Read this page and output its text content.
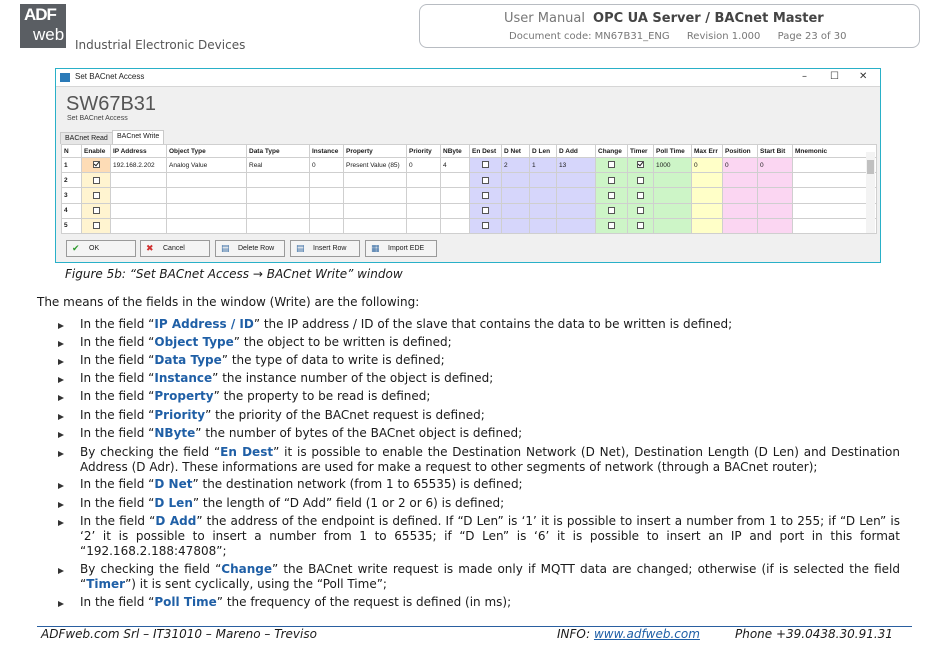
ADF
web
Industrial Electronic Devices
User Manual OPC UA Server / BACnet Master
Document code: MN67B31_ENG Revision 1.000 Page 23 of 30
Set BACnet Access	– ☐ ✕
SW67B31
Set BACnet Access
BACnet Read	BACnet Write
N	Enable	IP Address	Object Type	Data Type	Instance	Property	Priority	NByte	En Dest	D Net	D Len	D Add	Change	Timer	Poll Time	Max Err	Position	Start Bit	Mnemonic
1		192.168.2.202	Analog Value	Real	0	Present Value (85)	0	4		2	1	13			1000	0	0	0	
2																			
3																			
4																			
5																			
✔	OK	✖	Cancel	▤ Delete Row ▤ Insert Row	▦ Import EDE
Figure 5b: “Set BACnet Access → BACnet Write” window
The means of the fields in the window (Write) are the following:
In the field “IP Address / ID” the IP address / ID of the slave that contains the data to be written is defined;
In the field “Object Type” the object to be written is defined;
In the field “Data Type” the type of data to write is defined;
In the field “Instance” the instance number of the object is defined;
In the field “Property” the property to be read is defined;
In the field “Priority” the priority of the BACnet request is defined;
In the field “NByte” the number of bytes of the BACnet object is defined;
By checking the field “En Dest” it is possible to enable the Destination Network (D Net), Destination Length (D Len) and Destination Address (D Adr). These informations are used for make a request to other segments of network (through a BACnet router);
In the field “D Net” the destination network (from 1 to 65535) is defined;
In the field “D Len” the length of “D Add” field (1 or 2 or 6) is defined;
In the field “D Add” the address of the endpoint is defined. If “D Len” is ‘1’ it is possible to insert a number from 1 to 255; if “D Len” is ‘2’ it is possible to insert a number from 1 to 65535; if “D Len” is ‘6’ it is possible to insert an IP and port in this format “192.168.2.188:47808”;
By checking the field “Change” the BACnet write request is made only if MQTT data are changed; otherwise (if is selected the field “Timer”) it is sent cyclically, using the “Poll Time”;
In the field “Poll Time” the frequency of the request is defined (in ms);
ADFweb.com Srl – IT31010 – Mareno – Treviso	INFO: www.adfweb.com	Phone +39.0438.30.91.31
